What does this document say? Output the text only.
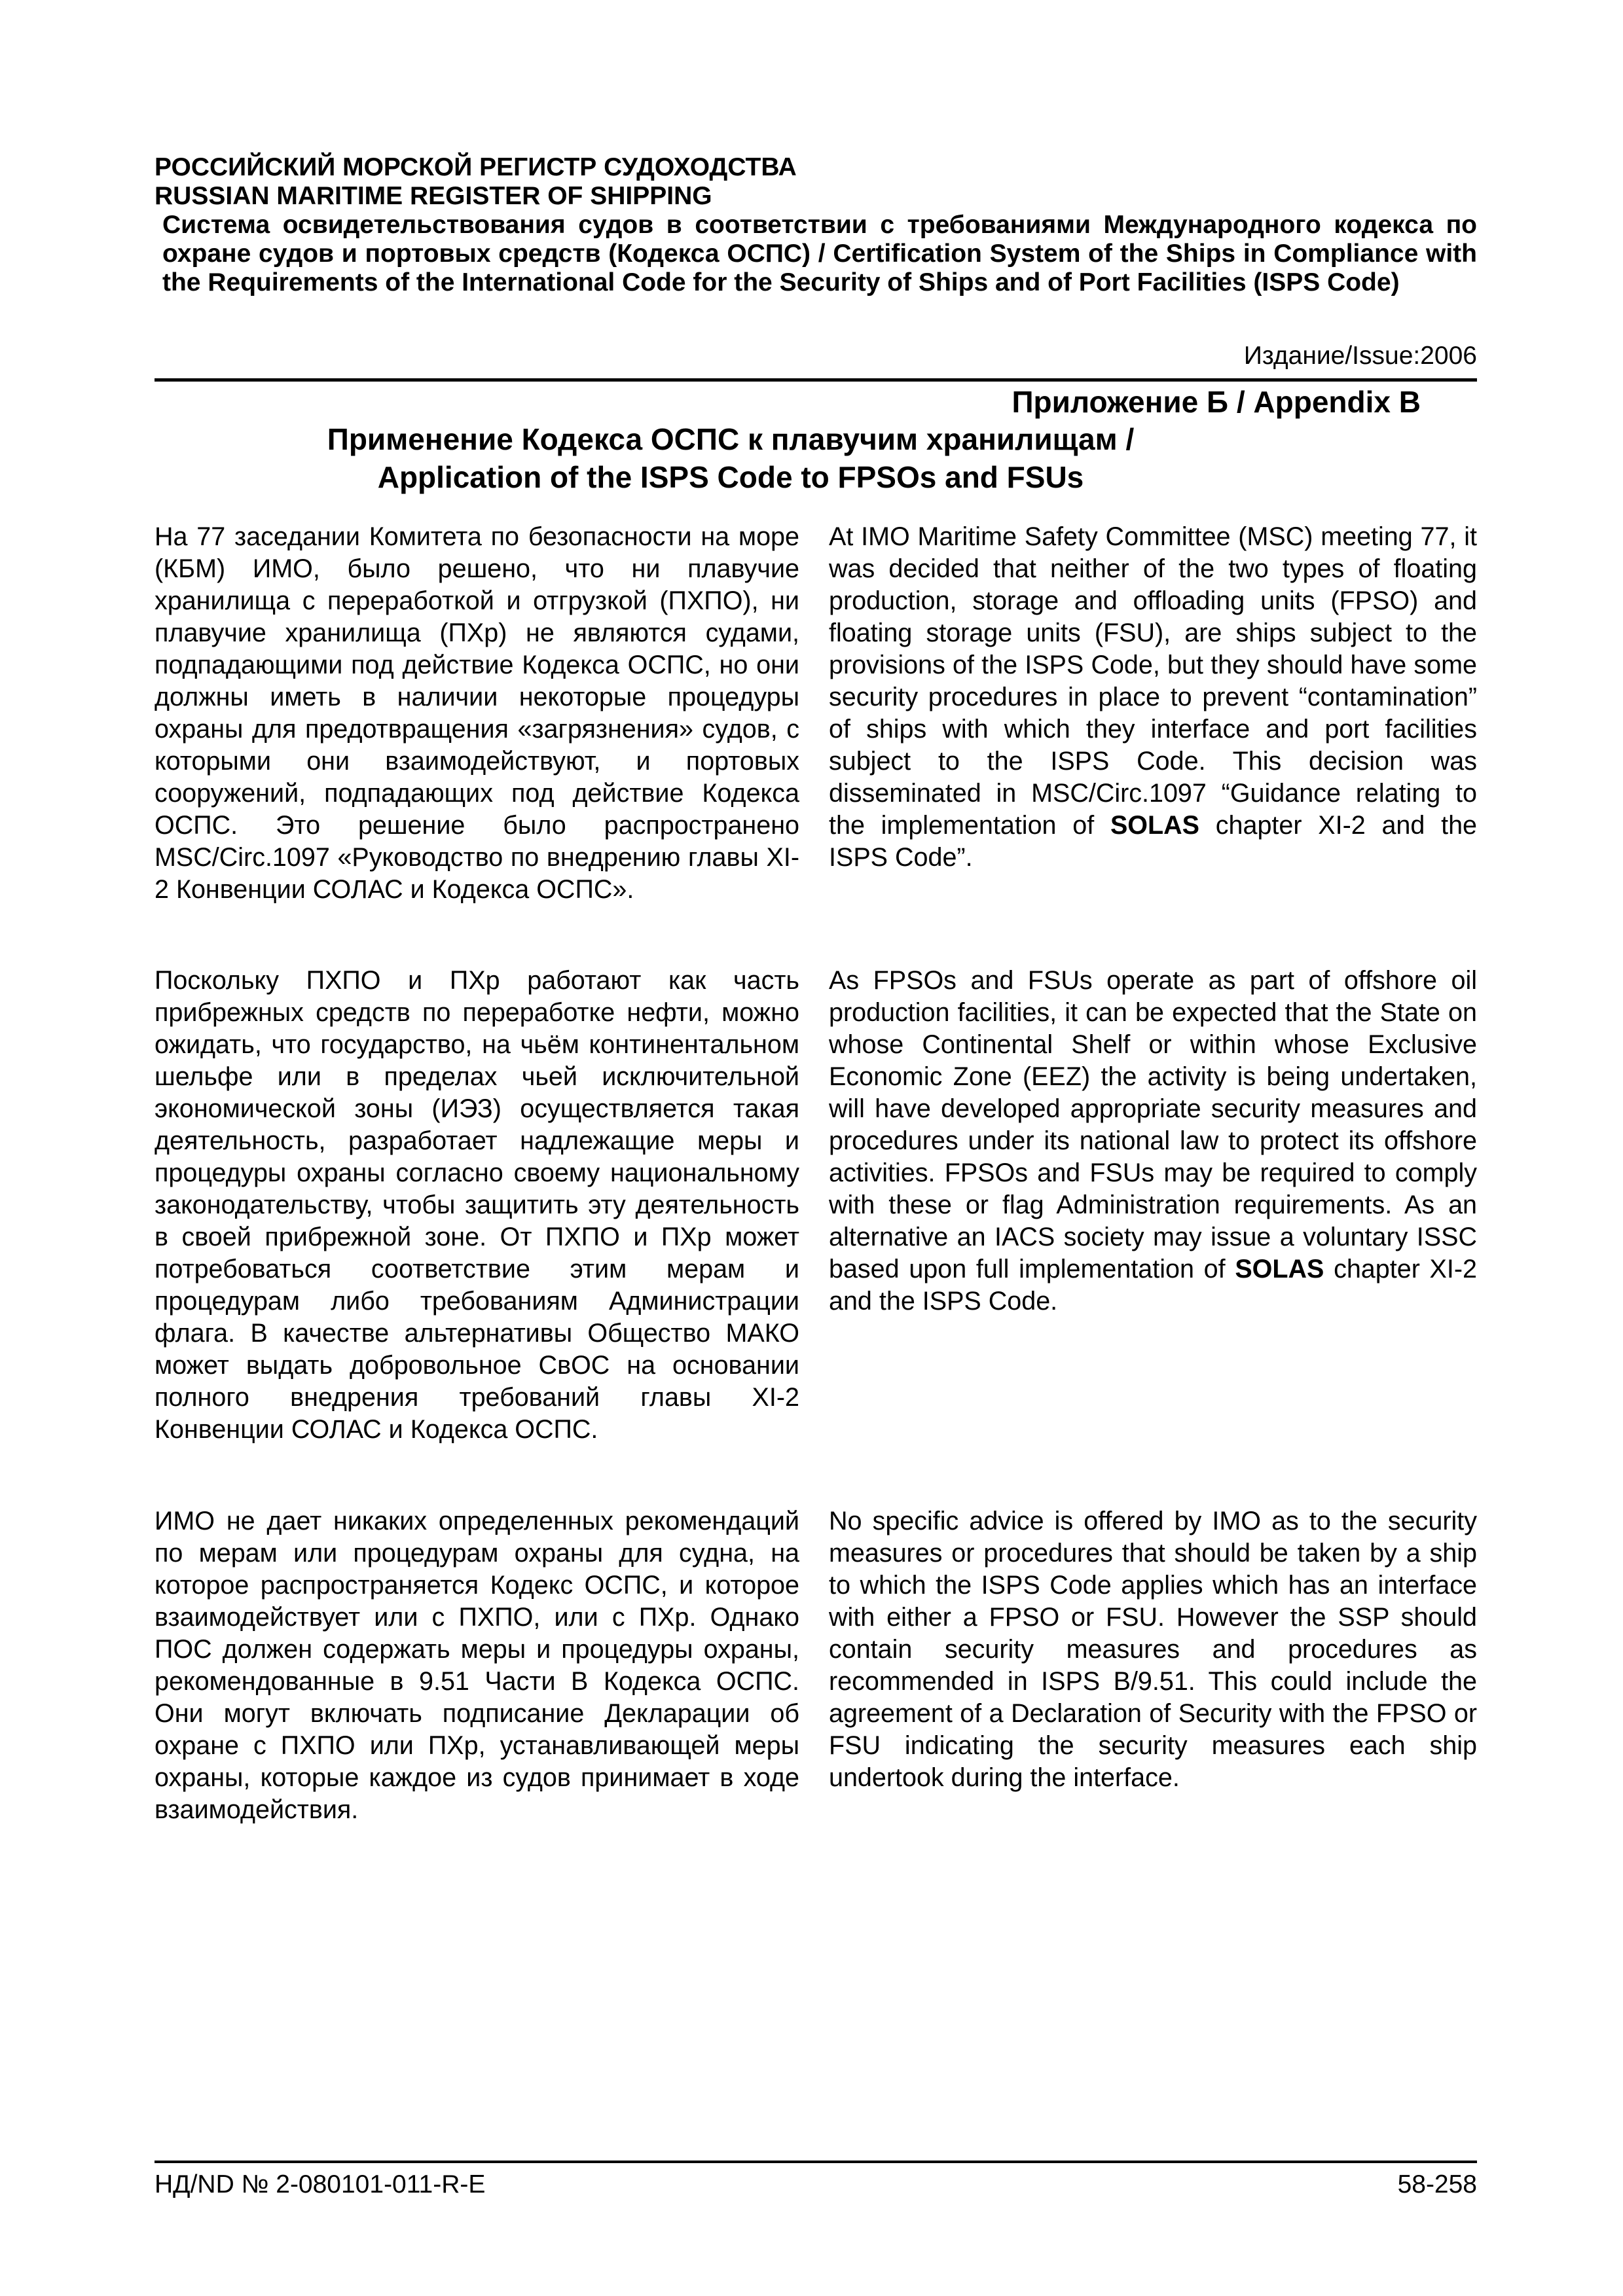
РОССИЙСКИЙ МОРСКОЙ РЕГИСТР СУДОХОДСТВА
RUSSIAN MARITIME REGISTER OF SHIPPING
Система освидетельствования судов в соответствии с требованиями Международного кодекса по охране судов и портовых средств (Кодекса ОСПС) / Certification System of the Ships in Compliance with the Requirements of the International Code for the Security of Ships and of Port Facilities (ISPS Code)
Издание/Issue:2006
Приложение Б / Appendix B
Применение Кодекса ОСПС к плавучим хранилищам /
Application of the ISPS Code to FPSOs and FSUs

На 77 заседании Комитета по безопасности на море (КБМ) ИМО, было решено, что ни плавучие хранилища с переработкой и отгрузкой (ПХПО), ни плавучие хранилища (ПХр) не являются судами, подпадающими под действие Кодекса ОСПС, но они должны иметь в наличии некоторые процедуры охраны для предотвращения «загрязнения» судов, с которыми они взаимодействуют, и портовых сооружений, подпадающих под действие Кодекса ОСПС. Это решение было распространено MSC/Circ.1097 «Руководство по внедрению главы XI-2 Конвенции СОЛАС и Кодекса ОСПС».

Поскольку ПХПО и ПХр работают как часть прибрежных средств по переработке нефти, можно ожидать, что государство, на чьём континентальном шельфе или в пределах чьей исключительной экономической зоны (ИЭЗ) осуществляется такая деятельность, разработает надлежащие меры и процедуры охраны согласно своему национальному законодательству, чтобы защитить эту деятельность в своей прибрежной зоне. От ПХПО и ПХр может потребоваться соответствие этим мерам и процедурам либо требованиям Администрации флага. В качестве альтернативы Общество МАКО может выдать добровольное СвОС на основании полного внедрения требований главы XI-2 Конвенции СОЛАС и Кодекса ОСПС.

ИМО не дает никаких определенных рекомендаций по мерам или процедурам охраны для судна, на которое распространяется Кодекс ОСПС, и которое взаимодействует или с ПХПО, или с ПХр. Однако ПОС должен содержать меры и процедуры охраны, рекомендованные в 9.51 Части В Кодекса ОСПС. Они могут включать подписание Декларации об охране с ПХПО или ПХр, устанавливающей меры охраны, которые каждое из судов принимает в ходе взаимодействия.

At IMO Maritime Safety Committee (MSC) meeting 77, it was decided that neither of the two types of floating production, storage and offloading units (FPSO) and floating storage units (FSU), are ships subject to the provisions of the ISPS Code, but they should have some security procedures in place to prevent “contamination” of ships with which they interface and port facilities subject to the ISPS Code. This decision was disseminated in MSC/Circ.1097 “Guidance relating to the implementation of SOLAS chapter XI-2 and the ISPS Code”.

As FPSOs and FSUs operate as part of offshore oil production facilities, it can be expected that the State on whose Continental Shelf or within whose Exclusive Economic Zone (EEZ) the activity is being undertaken, will have developed appropriate security measures and procedures under its national law to protect its offshore activities. FPSOs and FSUs may be required to comply with these or flag Administration requirements. As an alternative an IACS society may issue a voluntary ISSC based upon full implementation of SOLAS chapter XI-2 and the ISPS Code.

No specific advice is offered by IMO as to the security measures or procedures that should be taken by a ship to which the ISPS Code applies which has an interface with either a FPSO or FSU. However the SSP should contain security measures and procedures as recommended in ISPS B/9.51. This could include the agreement of a Declaration of Security with the FPSO or FSU indicating the security measures each ship undertook during the interface.

НД/ND № 2-080101-011-R-E	58-258
